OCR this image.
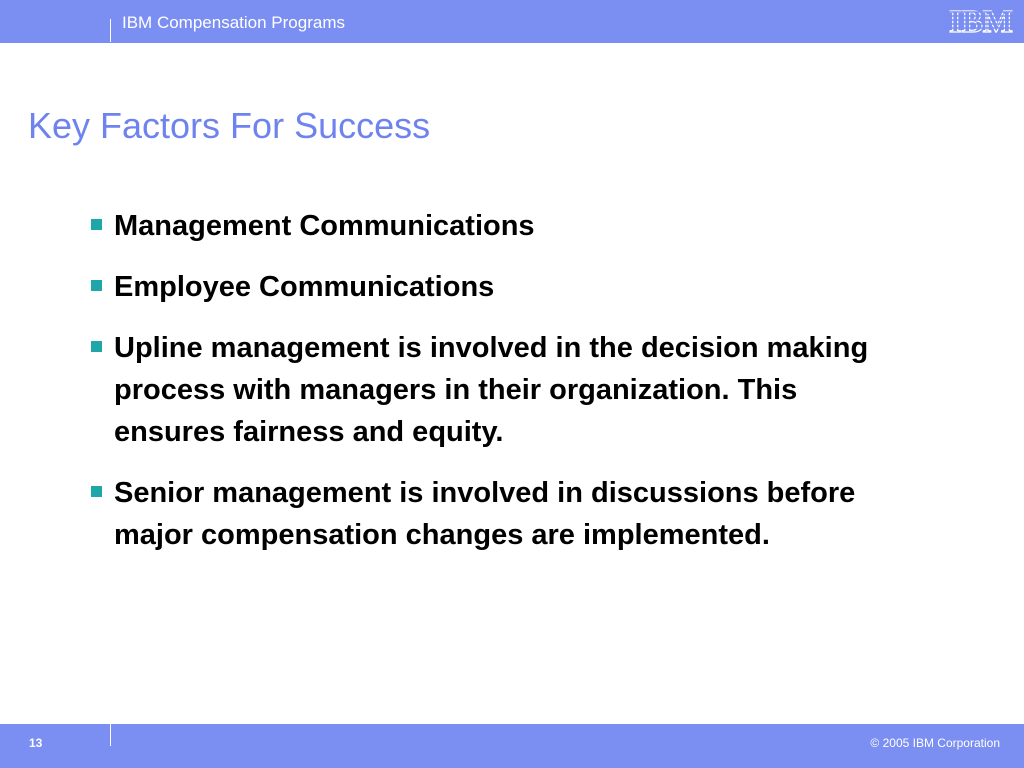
IBM Compensation Programs	IBM
Key Factors For Success
Management Communications
Employee Communications
Upline management is involved in the decision making process with managers in their organization. This ensures fairness and equity.
Senior management is involved in discussions before major compensation changes are implemented.
13	© 2005 IBM Corporation
